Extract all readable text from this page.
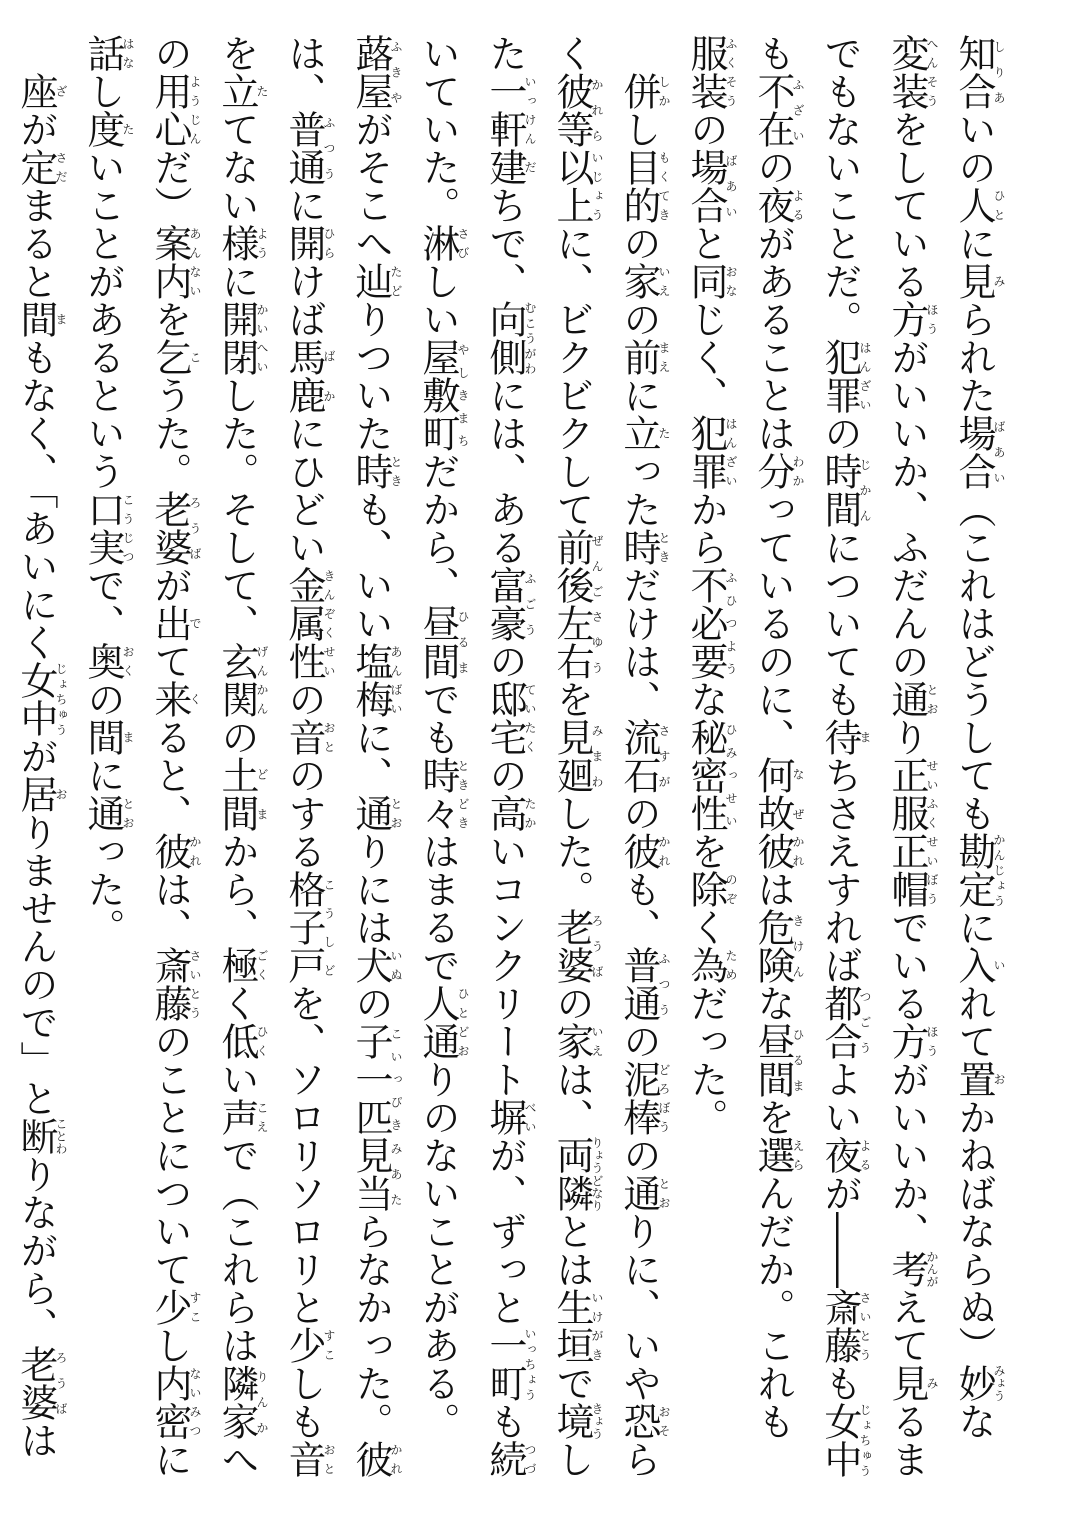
知合しりあいの人ひとに見みられた場合ばあい（これはどうしても勘定かんじょうに入いれて置おかねばならぬ）妙みょうな変装へんそうをしている方ほうがいいか、ふだんの通とおり正服正帽せいふくせいぼうでいる方ほうがいいか、考かんがえて見みるまでもないことだ。犯罪はんざいの時間じかんについても待まちさえすれば都合つごうよい夜よるが――斎藤さいとうも女中じょちゅうも不在ふざいの夜よるがあることは分わかっているのに、何故なぜ彼かれは危険きけんな昼間ひるまを選えらんだか。これも服装ふくそうの場合ばあいと同おなじく、犯罪はんざいから不必要ふひつような秘密性ひみっせいを除のぞく為ためだった。

併しかし目的もくてきの家いえの前まえに立たった時ときだけは、流石さすがの彼かれも、普通ふつうの泥棒どろぼうの通とおりに、いや恐おそらく彼等かれら以上いじょうに、ビクビクして前後左右ぜんごさゆうを見廻みまわした。老婆ろうばの家いえは、両隣りょうどなりとは生垣いけがきで境きょうした一軒いっけん建だちで、向側むこうがわには、ある富豪ふごうの邸宅ていたくの高たかいコンクリート塀べいが、ずっと一町いっちょうも続つづいていた。淋さびしい屋敷町やしきまちだから、昼間ひるまでも時々ときどきはまるで人通ひとどおりのないことがある。蕗屋ふきやがそこへ辿たどりついた時ときも、いい塩梅あんばいに、通とおりには犬いぬの子一匹こいっぴき見当みあたらなかった。彼かれは、普通ふつうに開ひらけば馬鹿ばかにひどい金属性きんぞくせいの音おとのする格子戸こうしどを、ソロリソロリと少すこしも音おとを立たてない様ように開閉かいへいした。そして、玄関げんかんの土間どまから、極ごくく低ひくい声こえで（これらは隣家りんかへの用心ようじんだ）案内あんないを乞こうた。老婆ろうばが出でて来くると、彼かれは、斎藤さいとうのことについて少すこし内密ないみつに話はなし度たいことがあるという口実こうじつで、奥おくの間まに通とおった。

座ざが定さだまると間まもなく、「あいにく女中じょちゅうが居おりませんので」と断ことわりながら、老婆ろうばは
